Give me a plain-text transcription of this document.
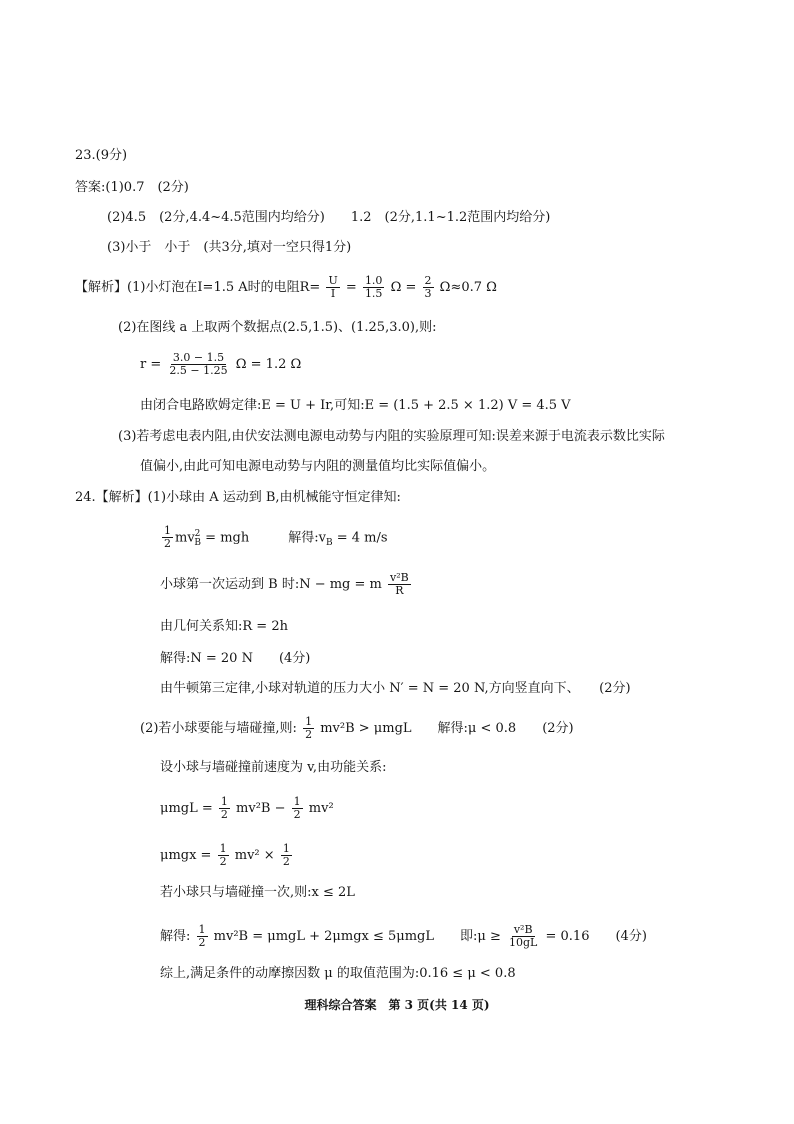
23.(9分)
答案:(1)0.7　(2分)
(2)4.5　(2分,4.4~4.5范围内均给分)　　1.2　(2分,1.1~1.2范围内均给分)
(3)小于　小于　(共3分,填对一空只得1分)
【解析】(1)小灯泡在I=1.5 A时的电阻$R= \frac{U}{I} = \frac{1.0}{1.5}$ $\Omega = \frac{2}{3} \Omega\approx 0.7$ Ω
(2)在图线 a 上取两个数据点(2.5,1.5)、(1.25,3.0),则:
$r = \frac{3.0 - 1.5}{2.5 - 1.25}$ Ω = 1.2 Ω
由闭合电路欧姆定律:E = U + Ir,可知:E = (1.5 + 2.5 × 1.2) V = 4.5 V
(3)若考虑电表内阻,由伏安法测电源电动势与内阻的实验原理可知:误差来源于电流表示数比实际
值偏小,由此可知电源电动势与内阻的测量值均比实际值偏小。
24.【解析】(1)小球由 A 运动到 B,由机械能守恒定律知:
$\frac{1}{2} mv^2_B$ = mgh　　　解得$:v_B = 4$ m/s
小球第一次运动到 B 时:N − mg = m $\frac{\text{v²B}}{R}$
由几何关系知:R = 2h
解得:N = 20 N　　(4分)
由牛顿第三定律,小球对轨道的压力大小 N′ = N = 20 N,方向竖直向下、　　(2分)
(2)若小球要能与墙碰撞,则: $\frac{1}{2} mv^2B > \mu mgL$　　解得:μ < 0.8　　(2分)
设小球与墙碰撞前速度为 v,由功能关系:
$\mu mgL = \frac{1}{2} mv^2B - \frac{1}{2} mv^2$
$\mu mgx = \frac{1}{2} mv^2 \times \frac{1}{2}$
若小球只与墙碰撞一次,则:x ≤ 2L
解得: $\frac{1}{2} mv^2B = \mu mgL + 2\mu mgx \le 5\mu mgL$　　即:μ ≥ $\frac{\text{v²B}}{10gL} = 0.16$　　(4分)
综上,满足条件的动摩擦因数 μ 的取值范围为:0.16 ≤ μ < 0.8
理科综合答案　第 3 页(共 14 页)
